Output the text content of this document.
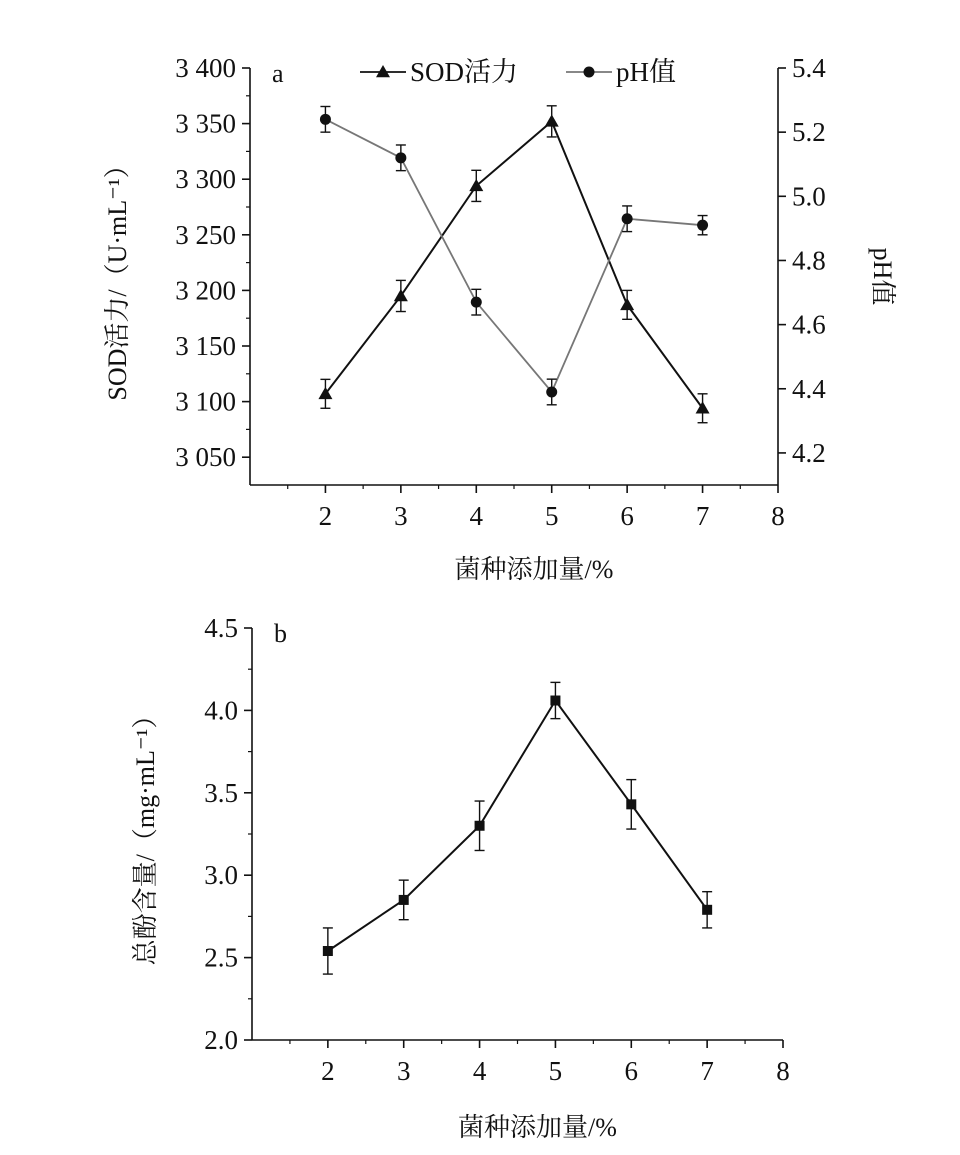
3 050
3 100
3 150
3 200
3 250
3 300
3 350
3 400
4.2
4.4
4.6
4.8
5.0
5.2
5.4
2 3 4 5 6 7 8
菌种添加量/%
SOD活力/（U·mL⁻¹）	pH值
a	SOD活力	pH值
2.0
2.5
3.0
3.5
4.0
4.5
2 3 4 5 6 7 8
菌种添加量/%
总酚含量/（mg·mL⁻¹）
b
